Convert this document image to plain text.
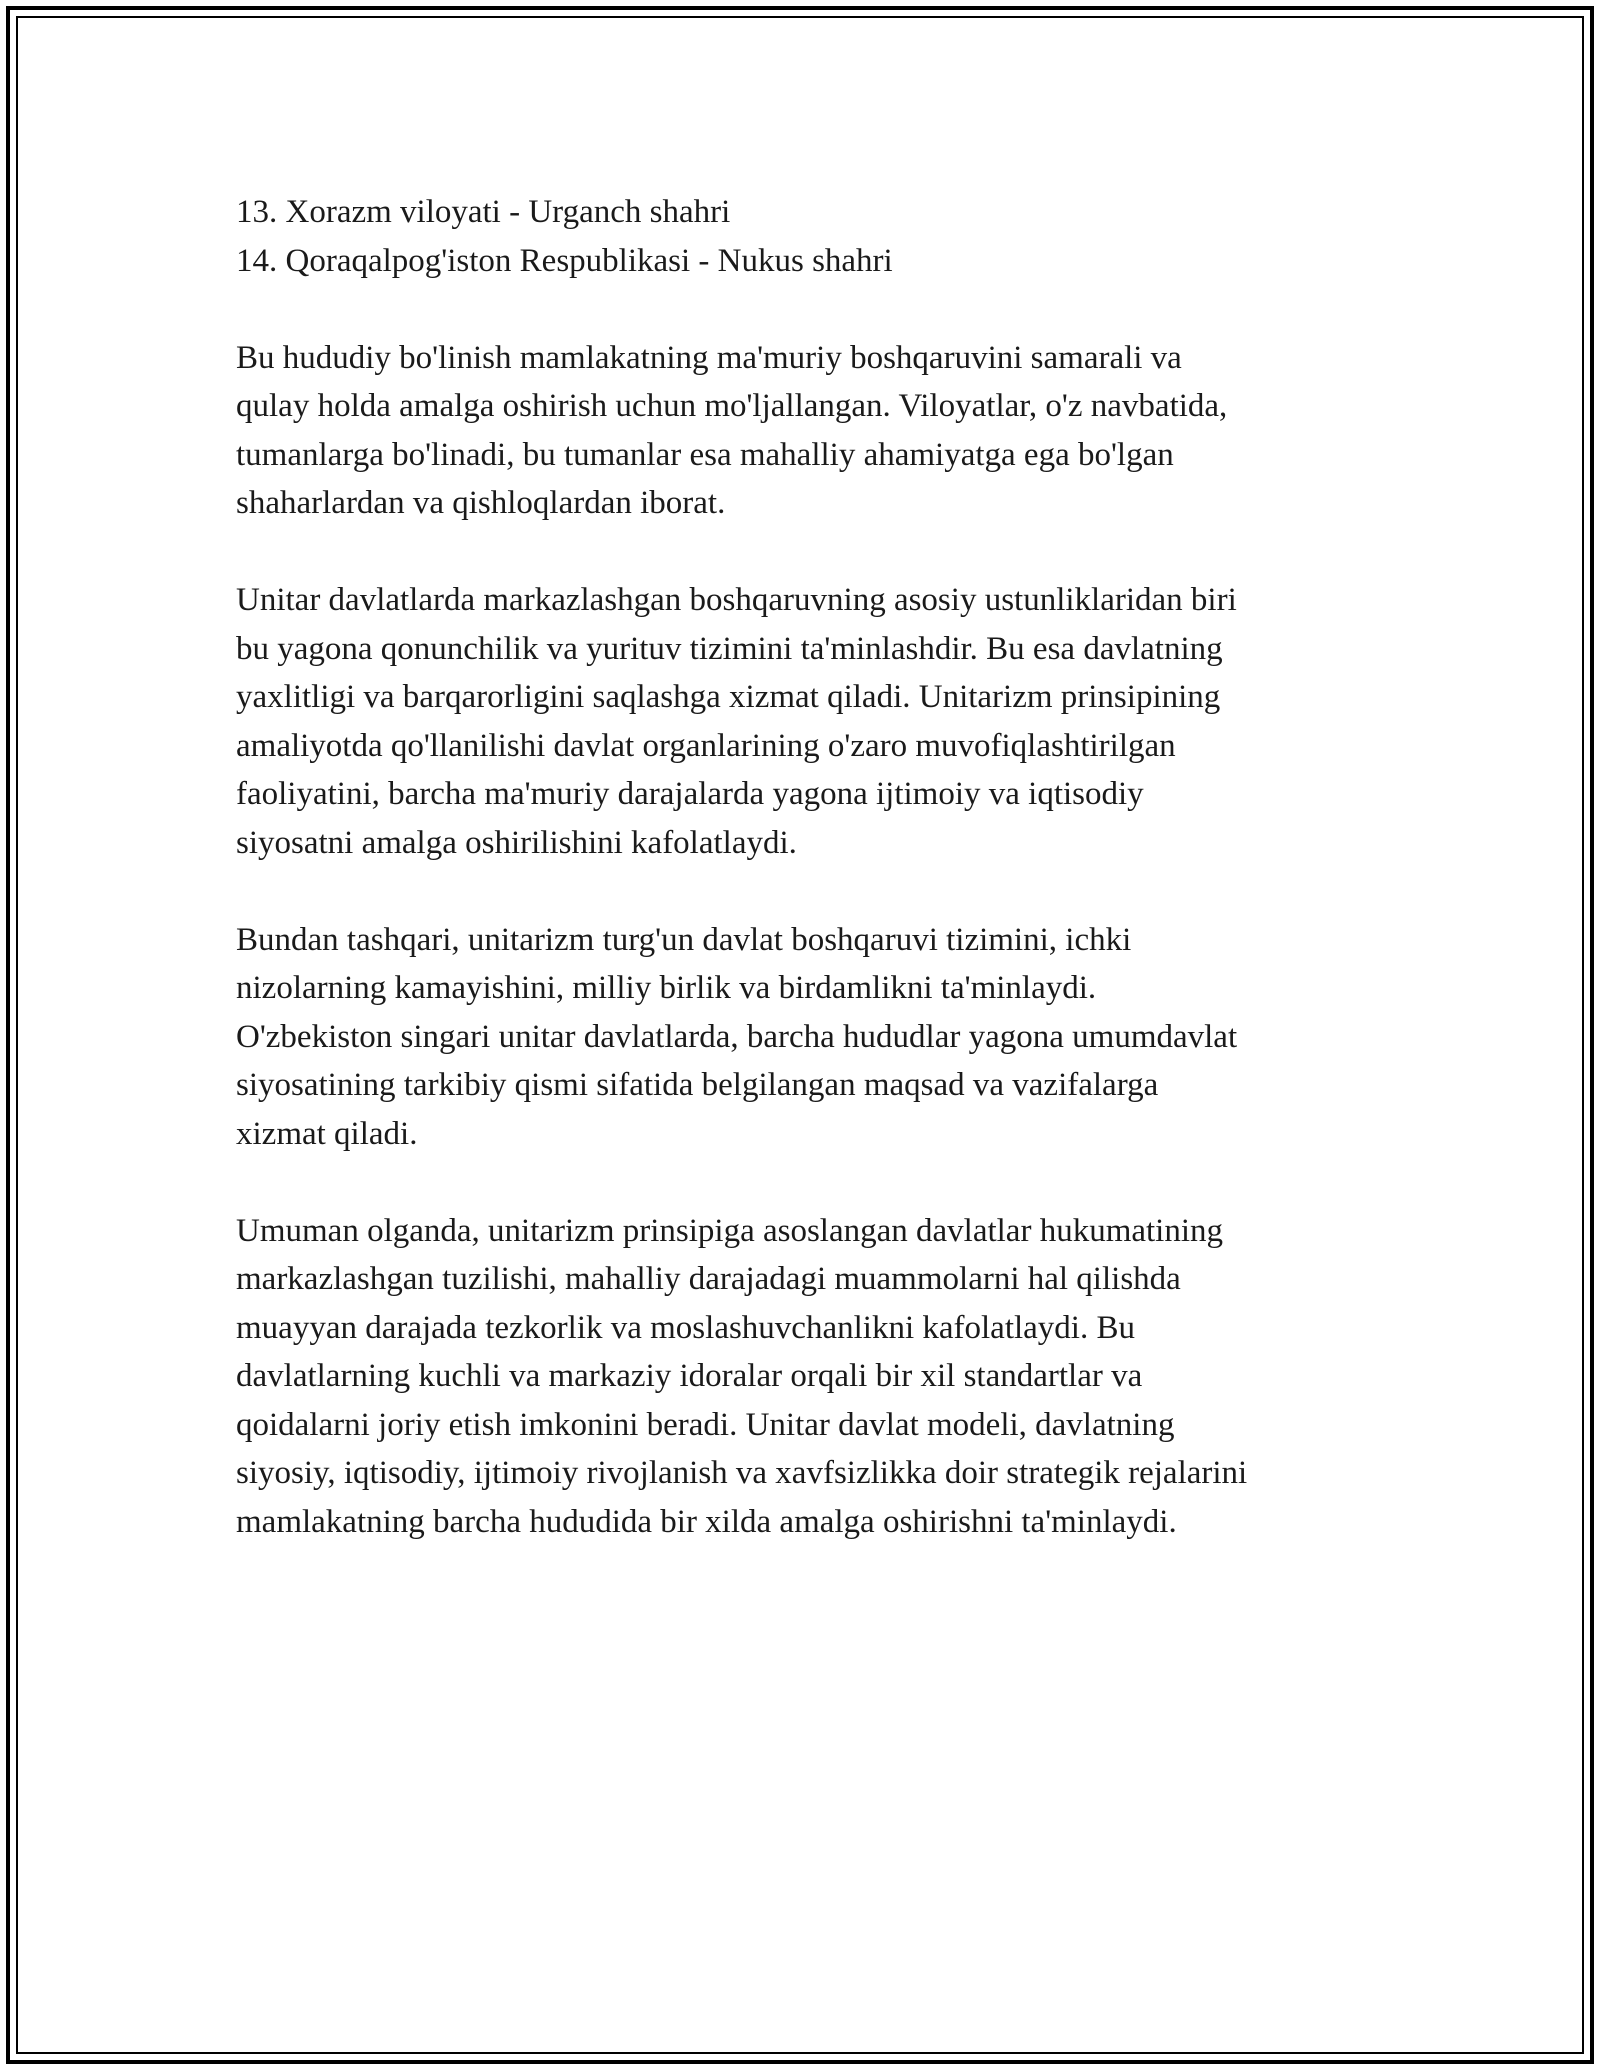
13. Xorazm viloyati - Urganch shahri
14. Qoraqalpog'iston Respublikasi - Nukus shahri
Bu hududiy bo'linish mamlakatning ma'muriy boshqaruvini samarali va
qulay holda amalga oshirish uchun mo'ljallangan. Viloyatlar, o'z navbatida,
tumanlarga bo'linadi, bu tumanlar esa mahalliy ahamiyatga ega bo'lgan
shaharlardan va qishloqlardan iborat.
Unitar davlatlarda markazlashgan boshqaruvning asosiy ustunliklaridan biri
bu yagona qonunchilik va yurituv tizimini ta'minlashdir. Bu esa davlatning
yaxlitligi va barqarorligini saqlashga xizmat qiladi. Unitarizm prinsipining
amaliyotda qo'llanilishi davlat organlarining o'zaro muvofiqlashtirilgan
faoliyatini, barcha ma'muriy darajalarda yagona ijtimoiy va iqtisodiy
siyosatni amalga oshirilishini kafolatlaydi.
Bundan tashqari, unitarizm turg'un davlat boshqaruvi tizimini, ichki
nizolarning kamayishini, milliy birlik va birdamlikni ta'minlaydi.
O'zbekiston singari unitar davlatlarda, barcha hududlar yagona umumdavlat
siyosatining tarkibiy qismi sifatida belgilangan maqsad va vazifalarga
xizmat qiladi.
Umuman olganda, unitarizm prinsipiga asoslangan davlatlar hukumatining
markazlashgan tuzilishi, mahalliy darajadagi muammolarni hal qilishda
muayyan darajada tezkorlik va moslashuvchanlikni kafolatlaydi. Bu
davlatlarning kuchli va markaziy idoralar orqali bir xil standartlar va
qoidalarni joriy etish imkonini beradi. Unitar davlat modeli, davlatning
siyosiy, iqtisodiy, ijtimoiy rivojlanish va xavfsizlikka doir strategik rejalarini
mamlakatning barcha hududida bir xilda amalga oshirishni ta'minlaydi.
